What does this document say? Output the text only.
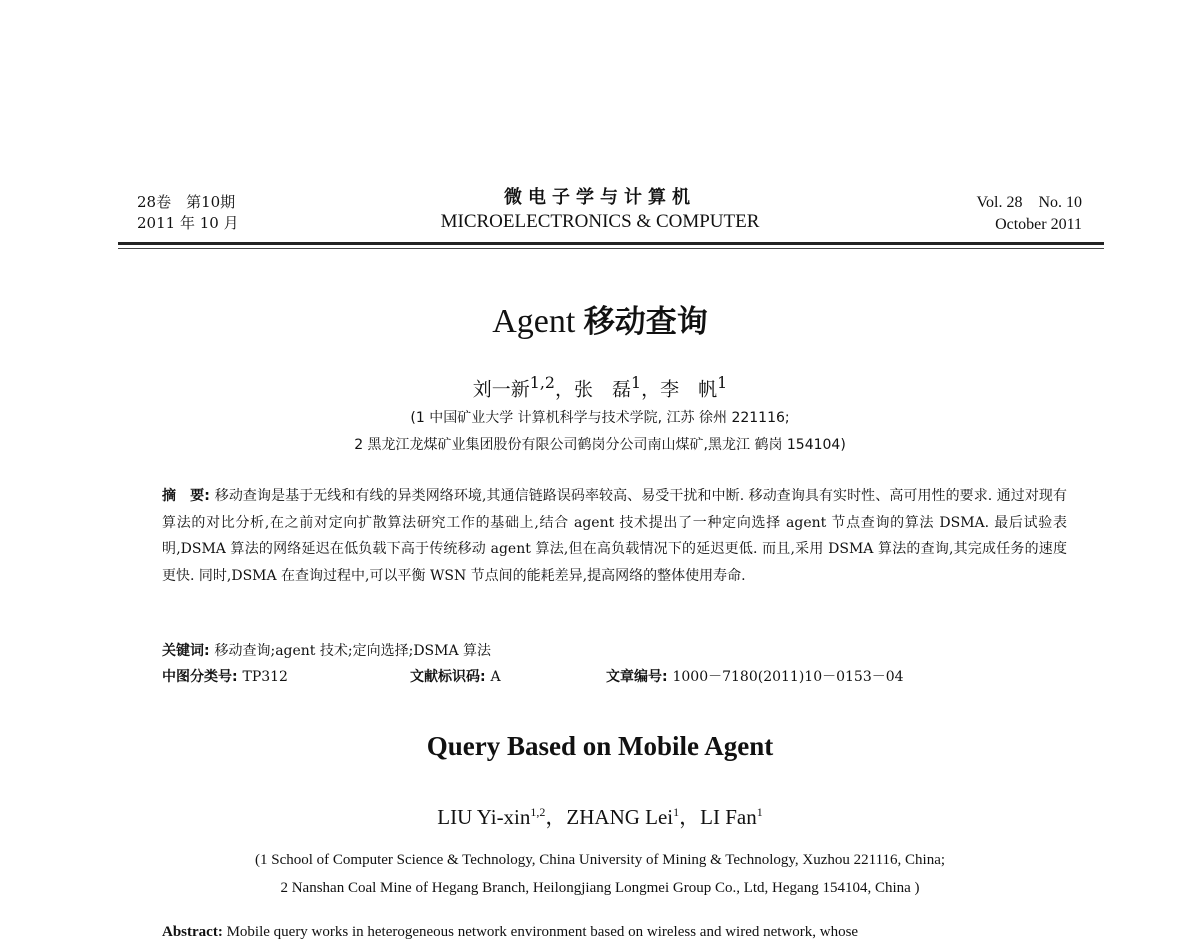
28卷　第10期
2011 年 10 月
微电子学与计算机
MICROELECTRONICS & COMPUTER
Vol. 28　No. 10
October 2011
Agent 移动查询
刘一新$^{1,2}$，张　磊$^1$，李　帆$^1$
(1 中国矿业大学 计算机科学与技术学院, 江苏 徐州 221116;
2 黑龙江龙煤矿业集团股份有限公司鹤岗分公司南山煤矿,黑龙江 鹤岗 154104)
摘　要: 移动查询是基于无线和有线的异类网络环境,其通信链路误码率较高、易受干扰和中断. 移动查询具有实时性、高可用性的要求. 通过对现有算法的对比分析,在之前对定向扩散算法研究工作的基础上,结合 agent 技术提出了一种定向选择 agent 节点查询的算法 DSMA. 最后试验表明,DSMA 算法的网络延迟在低负载下高于传统移动 agent 算法,但在高负载情况下的延迟更低. 而且,采用 DSMA 算法的查询,其完成任务的速度更快. 同时,DSMA 在查询过程中,可以平衡 WSN 节点间的能耗差异,提高网络的整体使用寿命.
关键词: 移动查询;agent 技术;定向选择;DSMA 算法
中图分类号: TP312	文献标识码: A	文章编号: 1000－7180(2011)10－0153－04
Query Based on Mobile Agent
LIU Yi-xin$^{1,2}$，ZHANG Lei$^1$，LI Fan$^1$
(1 School of Computer Science & Technology, China University of Mining & Technology, Xuzhou 221116, China;
2 Nanshan Coal Mine of Hegang Branch, Heilongjiang Longmei Group Co., Ltd, Hegang 154104, China )
Abstract: Mobile query works in heterogeneous network environment based on wireless and wired network, whose
